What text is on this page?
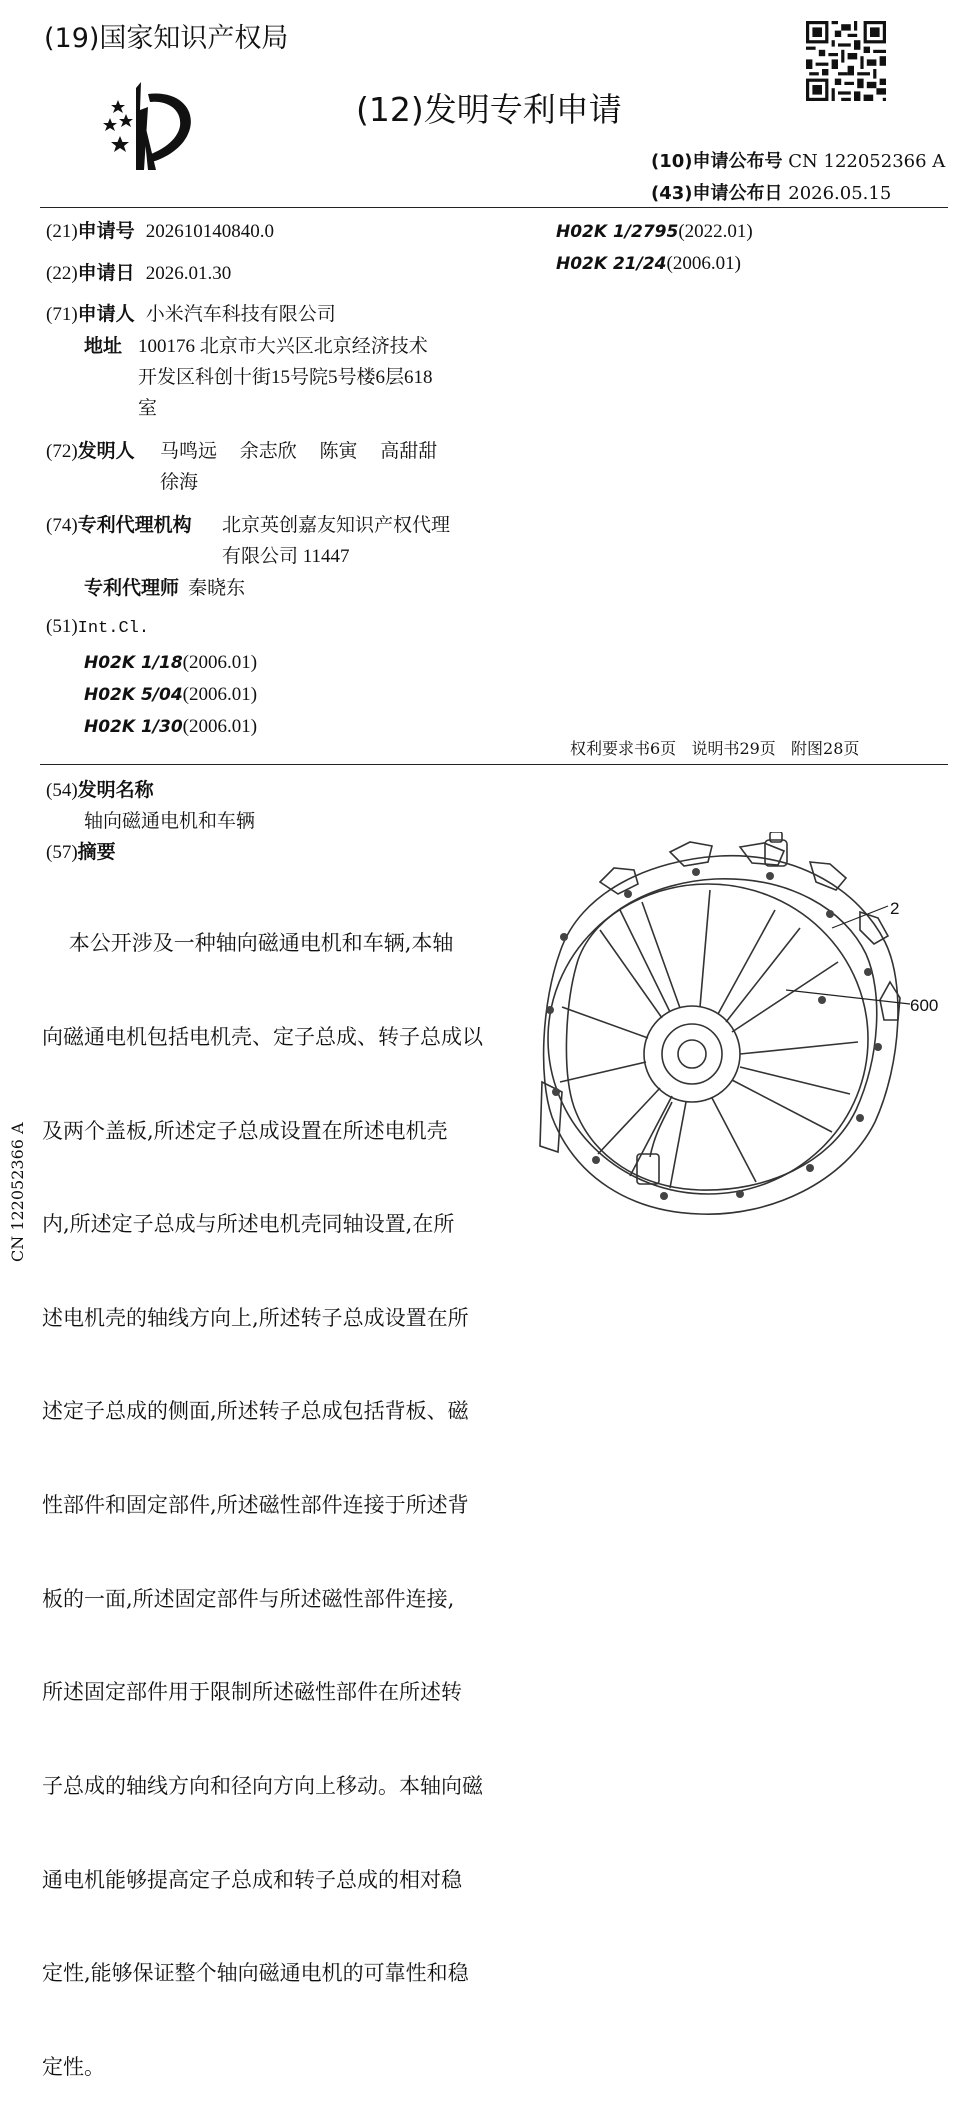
(19)国家知识产权局
(12)发明专利申请
(10)申请公布号 CN 122052366 A
(43)申请公布日 2026.05.15
(21)申请号 202610140840.0
(22)申请日 2026.01.30
(71)申请人 小米汽车科技有限公司
地址 100176 北京市大兴区北京经济技术
开发区科创十街15号院5号楼6层618
室
(72)发明人 马鸣远 余志欣 陈寅 高甜甜
徐海
(74)专利代理机构 北京英创嘉友知识产权代理
有限公司 11447
专利代理师 秦晓东
(51)Int.Cl.
H02K 1/18(2006.01)
H02K 5/04(2006.01)
H02K 1/30(2006.01)
H02K 1/2795(2022.01)
H02K 21/24(2006.01)
权利要求书6页   说明书29页   附图28页
(54)发明名称
轴向磁通电机和车辆
(57)摘要

本公开涉及一种轴向磁通电机和车辆,本轴

向磁通电机包括电机壳、定子总成、转子总成以

及两个盖板,所述定子总成设置在所述电机壳

内,所述定子总成与所述电机壳同轴设置,在所

述电机壳的轴线方向上,所述转子总成设置在所

述定子总成的侧面,所述转子总成包括背板、磁

性部件和固定部件,所述磁性部件连接于所述背

板的一面,所述固定部件与所述磁性部件连接,

所述固定部件用于限制所述磁性部件在所述转

子总成的轴线方向和径向方向上移动。本轴向磁

通电机能够提高定子总成和转子总成的相对稳

定性,能够保证整个轴向磁通电机的可靠性和稳

定性。

CN 122052366 A
2
600
